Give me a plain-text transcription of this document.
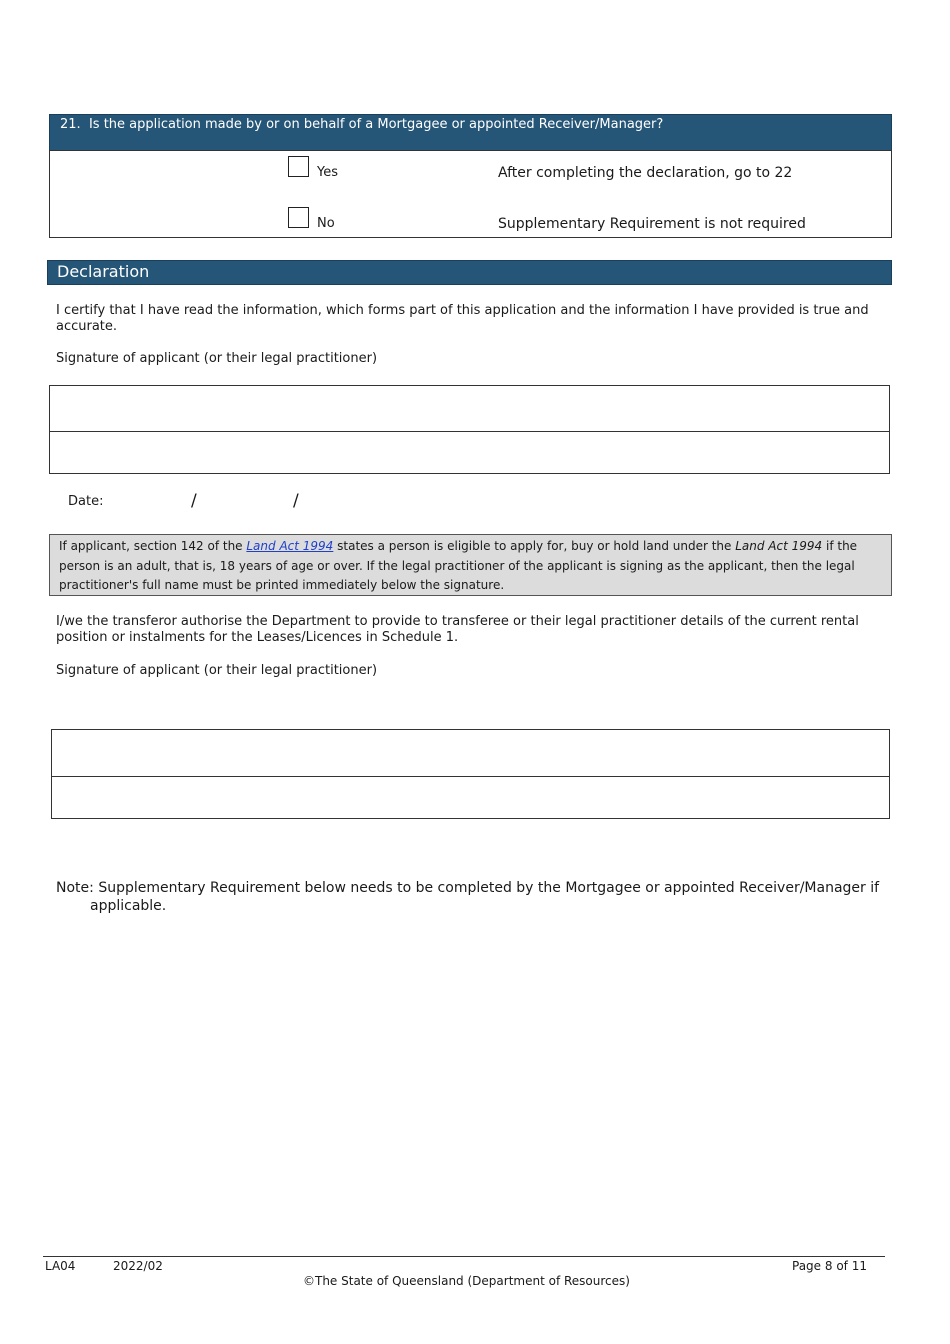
21. Is the application made by or on behalf of a Mortgagee or appointed Receiver/Manager?
Yes	After completing the declaration, go to 22
No	Supplementary Requirement is not required
Declaration
I certify that I have read the information, which forms part of this application and the information I have provided is true and accurate.
Signature of applicant (or their legal practitioner)
Date:	/	/
If applicant, section 142 of the Land Act 1994 states a person is eligible to apply for, buy or hold land under the Land Act 1994 if the person is an adult, that is, 18 years of age or over. If the legal practitioner of the applicant is signing as the applicant, then the legal practitioner's full name must be printed immediately below the signature.
I/we the transferor authorise the Department to provide to transferee or their legal practitioner details of the current rental position or instalments for the Leases/Licences in Schedule 1.
Signature of applicant (or their legal practitioner)
Note: Supplementary Requirement below needs to be completed by the Mortgagee or appointed Receiver/Manager if applicable.
LA04	2022/02	Page 8 of 11
©The State of Queensland (Department of Resources)
